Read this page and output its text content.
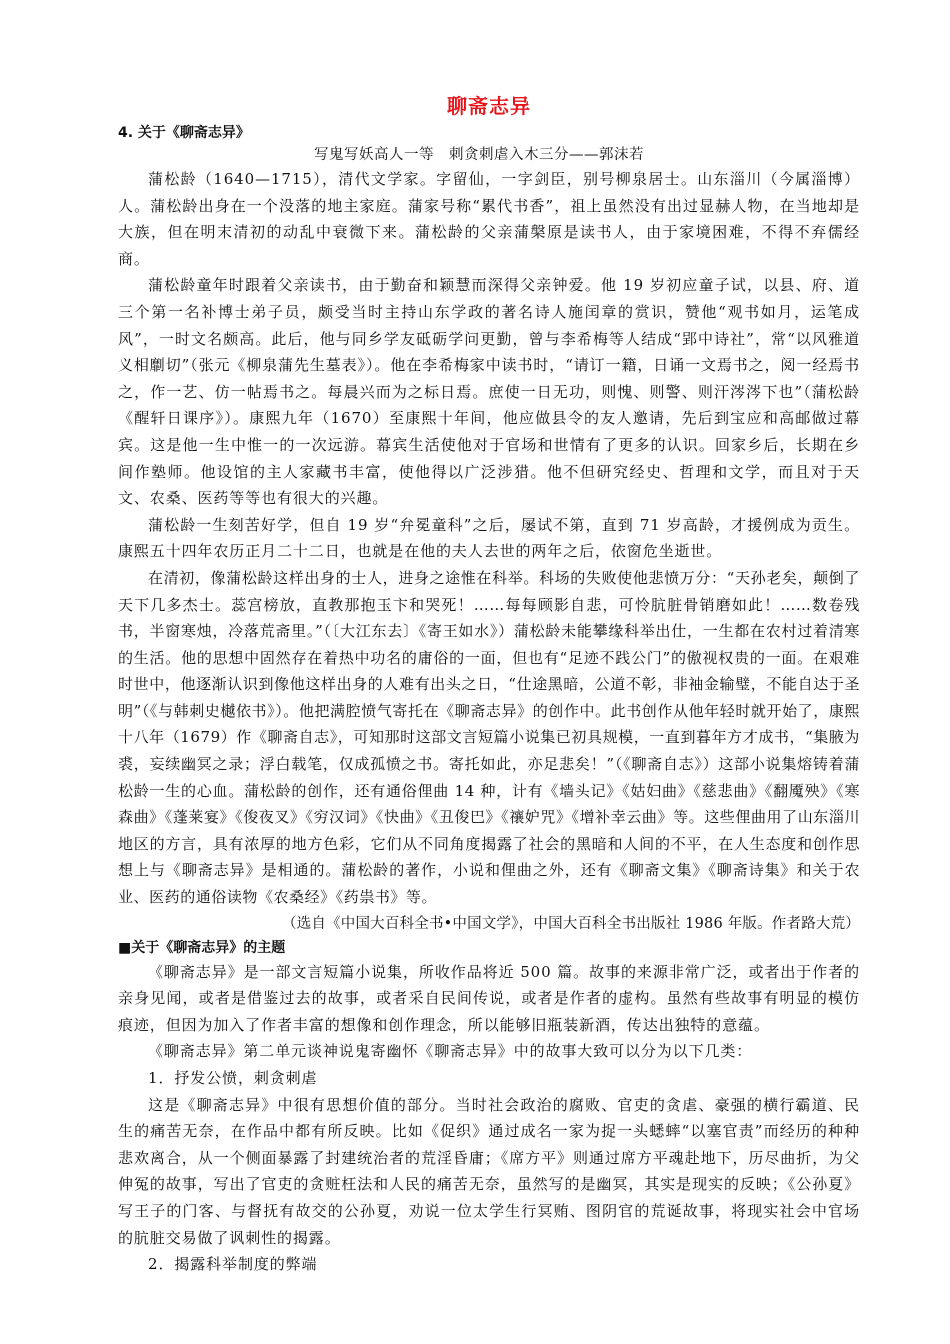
聊斋志异
4. 关于《聊斋志异》
写鬼写妖高人一等　刺贪刺虐入木三分——郭沫若

蒲松龄（1640—1715），清代文学家。字留仙，一字剑臣，别号柳泉居士。山东淄川（今属淄博）人。蒲松龄出身在一个没落的地主家庭。蒲家号称“累代书香”，祖上虽然没有出过显赫人物，在当地却是大族，但在明末清初的动乱中衰微下来。蒲松龄的父亲蒲槃原是读书人，由于家境困难，不得不弃儒经商。

蒲松龄童年时跟着父亲读书，由于勤奋和颖慧而深得父亲钟爱。他 19 岁初应童子试，以县、府、道三个第一名补博士弟子员，颇受当时主持山东学政的著名诗人施闰章的赏识，赞他“观书如月，运笔成风”，一时文名颇高。此后，他与同乡学友砥砺学问更勤，曾与李希梅等人结成“郢中诗社”，常“以风雅道义相劘切”（张元《柳泉蒲先生墓表》）。他在李希梅家中读书时，“请订一籍，日诵一文焉书之，阅一经焉书之，作一艺、仿一帖焉书之。每晨兴而为之标日焉。庶使一日无功，则愧、则警、则汗涔涔下也”（蒲松龄《醒轩日课序》）。康熙九年（1670）至康熙十年间，他应做县令的友人邀请，先后到宝应和高邮做过幕宾。这是他一生中惟一的一次远游。幕宾生活使他对于官场和世情有了更多的认识。回家乡后，长期在乡间作塾师。他设馆的主人家藏书丰富，使他得以广泛涉猎。他不但研究经史、哲理和文学，而且对于天文、农桑、医药等等也有很大的兴趣。

蒲松龄一生刻苦好学，但自 19 岁“弁冕童科”之后，屡试不第，直到 71 岁高龄，才援例成为贡生。康熙五十四年农历正月二十二日，也就是在他的夫人去世的两年之后，依窗危坐逝世。

在清初，像蒲松龄这样出身的士人，进身之途惟在科举。科场的失败使他悲愤万分：“天孙老矣，颠倒了天下几多杰士。蕊宫榜放，直教那抱玉卞和哭死！……每每顾影自悲，可怜肮脏骨销磨如此！……数卷残书，半窗寒烛，冷落荒斋里。”（〔大江东去〕《寄王如水》）蒲松龄未能攀缘科举出仕，一生都在农村过着清寒的生活。他的思想中固然存在着热中功名的庸俗的一面，但也有“足迹不践公门”的傲视权贵的一面。在艰难时世中，他逐渐认识到像他这样出身的人难有出头之日，“仕途黑暗，公道不彰，非袖金输璧，不能自达于圣明”（《与韩刺史樾依书》）。他把满腔愤气寄托在《聊斋志异》的创作中。此书创作从他年轻时就开始了，康熙十八年（1679）作《聊斋自志》，可知那时这部文言短篇小说集已初具规模，一直到暮年方才成书，“集腋为裘，妄续幽冥之录；浮白载笔，仅成孤愤之书。寄托如此，亦足悲矣！”（《聊斋自志》）这部小说集熔铸着蒲松龄一生的心血。蒲松龄的创作，还有通俗俚曲 14 种，计有《墙头记》《姑妇曲》《慈悲曲》《翻魇殃》《寒森曲》《蓬莱宴》《俊夜叉》《穷汉词》《快曲》《丑俊巴》《禳妒咒》《增补幸云曲》等。这些俚曲用了山东淄川地区的方言，具有浓厚的地方色彩，它们从不同角度揭露了社会的黑暗和人间的不平，在人生态度和创作思想上与《聊斋志异》是相通的。蒲松龄的著作，小说和俚曲之外，还有《聊斋文集》《聊斋诗集》和关于农业、医药的通俗读物《农桑经》《药祟书》等。

（选自《中国大百科全书•中国文学》，中国大百科全书出版社 1986 年版。作者路大荒）

■关于《聊斋志异》的主题

《聊斋志异》是一部文言短篇小说集，所收作品将近 500 篇。故事的来源非常广泛，或者出于作者的亲身见闻，或者是借鉴过去的故事，或者采自民间传说，或者是作者的虚构。虽然有些故事有明显的模仿痕迹，但因为加入了作者丰富的想像和创作理念，所以能够旧瓶装新酒，传达出独特的意蕴。

《聊斋志异》第二单元谈神说鬼寄幽怀《聊斋志异》中的故事大致可以分为以下几类：

1．抒发公愤，刺贪刺虐

这是《聊斋志异》中很有思想价值的部分。当时社会政治的腐败、官吏的贪虐、豪强的横行霸道、民生的痛苦无奈，在作品中都有所反映。比如《促织》通过成名一家为捉一头蟋蟀“以塞官责”而经历的种种悲欢离合，从一个侧面暴露了封建统治者的荒淫昏庸；《席方平》则通过席方平魂赴地下，历尽曲折，为父伸冤的故事，写出了官吏的贪赃枉法和人民的痛苦无奈，虽然写的是幽冥，其实是现实的反映；《公孙夏》写王子的门客、与督抚有故交的公孙夏，劝说一位太学生行冥贿、图阴官的荒诞故事，将现实社会中官场的肮脏交易做了讽刺性的揭露。

2．揭露科举制度的弊端
